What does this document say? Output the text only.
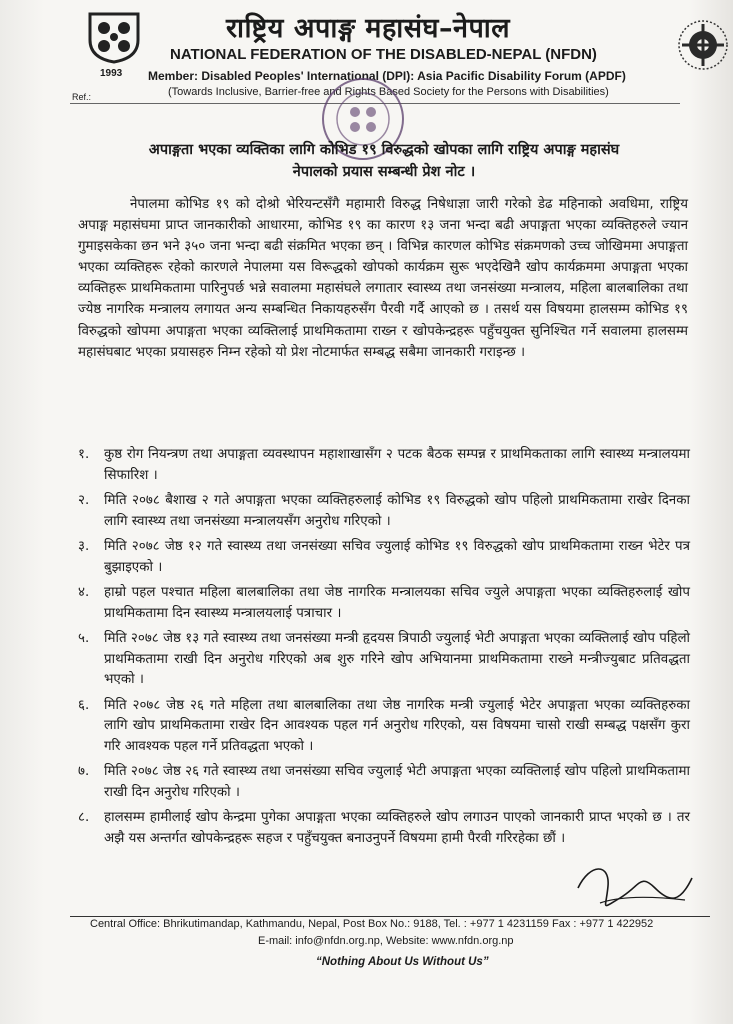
1993
Ref.:
राष्ट्रिय अपाङ्ग महासंघ–नेपाल
NATIONAL FEDERATION OF THE DISABLED-NEPAL (NFDN)
Member: Disabled Peoples' International (DPI): Asia Pacific Disability Forum (APDF)
(Towards Inclusive, Barrier-free and Rights Based Society for the Persons with Disabilities)
अपाङ्गता भएका व्यक्तिका लागि कोभिड १९ विरुद्धको खोपका लागि राष्ट्रिय अपाङ्ग महासंघ
नेपालको प्रयास सम्बन्धी प्रेश नोट ।

नेपालमा कोभिड १९ को दोश्रो भेरियन्टसँगै महामारी विरुद्ध निषेधाज्ञा जारी गरेको डेढ महिनाको अवधिमा, राष्ट्रिय अपाङ्ग महासंघमा प्राप्त जानकारीको आधारमा, कोभिड १९ का कारण १३ जना भन्दा बढी अपाङ्गता भएका व्यक्तिहरुले ज्यान गुमाइसकेका छन भने ३५० जना भन्दा बढी संक्रमित भएका छन् । विभिन्न कारणल कोभिड संक्रमणको उच्च जोखिममा अपाङ्गता भएका व्यक्तिहरू रहेको कारणले नेपालमा यस विरूद्धको खोपको कार्यक्रम सुरू भएदेखिनै खोप कार्यक्रममा अपाङ्गता भएका व्यक्तिहरू प्राथमिकतामा पारिनुपर्छ भन्ने सवालमा महासंघले लगातार स्वास्थ्य तथा जनसंख्या मन्त्रालय, महिला बालबालिका तथा ज्येष्ठ नागरिक मन्त्रालय लगायत अन्य सम्बन्धित निकायहरुसँग पैरवी गर्दै आएको छ । तसर्थ यस विषयमा हालसम्म कोभिड १९ विरुद्धको खोपमा अपाङ्गता भएका व्यक्तिलाई प्राथमिकतामा राख्न र खोपकेन्द्रहरू पहुँचयुक्त सुनिश्चित गर्ने सवालमा हालसम्म महासंघबाट भएका प्रयासहरु निम्न रहेको यो प्रेश नोटमार्फत सम्बद्ध सबैमा जानकारी गराइन्छ ।

१. कुष्ठ रोग नियन्त्रण तथा अपाङ्गता व्यवस्थापन महाशाखासँग २ पटक बैठक सम्पन्न र प्राथमिकताका लागि स्वास्थ्य मन्त्रालयमा सिफारिश ।
२. मिति २०७८ बैशाख २ गते अपाङ्गता भएका व्यक्तिहरुलाई कोभिड १९ विरुद्धको खोप पहिलो प्राथमिकतामा राखेर दिनका लागि स्वास्थ्य तथा जनसंख्या मन्त्रालयसँग अनुरोध गरिएको ।
३. मिति २०७८ जेष्ठ १२ गते स्वास्थ्य तथा जनसंख्या सचिव ज्युलाई कोभिड १९ विरुद्धको खोप प्राथमिकतामा राख्न भेटेर पत्र बुझाइएको ।
४. हाम्रो पहल पश्चात महिला बालबालिका तथा जेष्ठ नागरिक मन्त्रालयका सचिव ज्युले अपाङ्गता भएका व्यक्तिहरुलाई खोप प्राथमिकतामा दिन स्वास्थ्य मन्त्रालयलाई पत्राचार ।
५. मिति २०७८ जेष्ठ १३ गते स्वास्थ्य तथा जनसंख्या मन्त्री हृदयस त्रिपाठी ज्युलाई भेटी अपाङ्गता भएका व्यक्तिलाई खोप पहिलो प्राथमिकतामा राखी दिन अनुरोध गरिएको अब शुरु गरिने खोप अभियानमा प्राथमिकतामा राख्ने मन्त्रीज्युबाट प्रतिवद्धता भएको ।
६. मिति २०७८ जेष्ठ २६ गते महिला तथा बालबालिका तथा जेष्ठ नागरिक मन्त्री ज्युलाई भेटेर अपाङ्गता भएका व्यक्तिहरुका लागि खोप प्राथमिकतामा राखेर दिन आवश्यक पहल गर्न अनुरोध गरिएको, यस विषयमा चासो राखी सम्बद्ध पक्षसँग कुरा गरि आवश्यक पहल गर्ने प्रतिवद्धता भएको ।
७. मिति २०७८ जेष्ठ २६ गते स्वास्थ्य तथा जनसंख्या सचिव ज्युलाई भेटी अपाङ्गता भएका व्यक्तिलाई खोप पहिलो प्राथमिकतामा राखी दिन अनुरोध गरिएको ।
८. हालसम्म हामीलाई खोप केन्द्रमा पुगेका अपाङ्गता भएका व्यक्तिहरुले खोप लगाउन पाएको जानकारी प्राप्त भएको छ । तर अझै यस अन्तर्गत खोपकेन्द्रहरू सहज र पहुँचयुक्त बनाउनुपर्ने विषयमा हामी पैरवी गरिरहेका छौं ।
Central Office: Bhrikutimandap, Kathmandu, Nepal, Post Box No.: 9188, Tel. : +977 1 4231159 Fax : +977 1 422952
E-mail: info@nfdn.org.np, Website: www.nfdn.org.np
“Nothing About Us Without Us”
